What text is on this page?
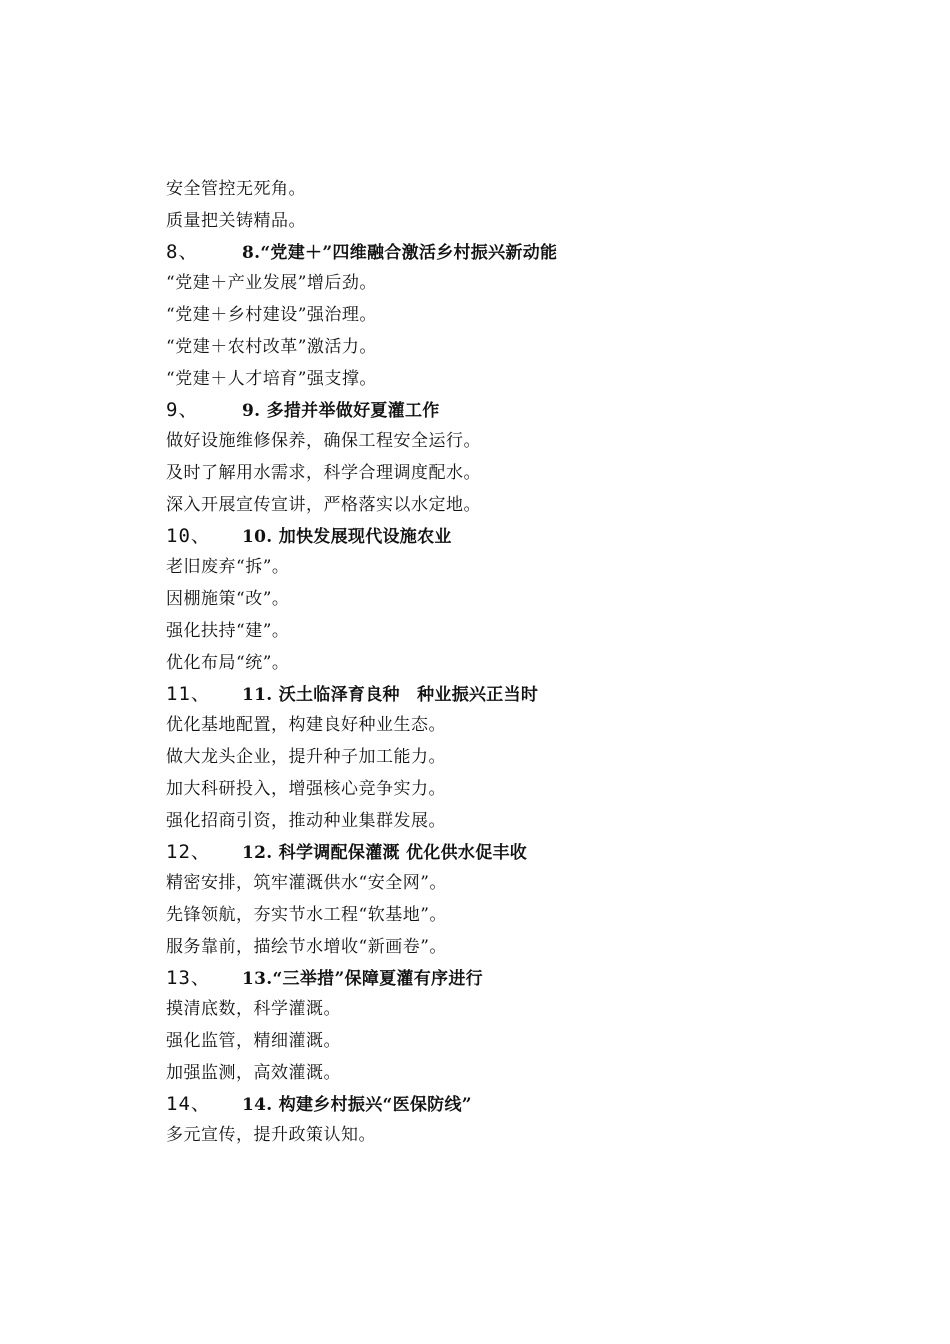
安全管控无死角。
质量把关铸精品。
8、	8.“党建＋”四维融合激活乡村振兴新动能
“党建＋产业发展”增后劲。
“党建＋乡村建设”强治理。
“党建＋农村改革”激活力。
“党建＋人才培育”强支撑。
9、	9. 多措并举做好夏灌工作
做好设施维修保养，确保工程安全运行。
及时了解用水需求，科学合理调度配水。
深入开展宣传宣讲，严格落实以水定地。
10、 10. 加快发展现代设施农业
老旧废弃“拆”。
因棚施策“改”。
强化扶持“建”。
优化布局“统”。
11、 11. 沃土临泽育良种　种业振兴正当时
优化基地配置，构建良好种业生态。
做大龙头企业，提升种子加工能力。
加大科研投入，增强核心竞争实力。
强化招商引资，推动种业集群发展。
12、 12. 科学调配保灌溉 优化供水促丰收
精密安排，筑牢灌溉供水“安全网”。
先锋领航，夯实节水工程“软基地”。
服务靠前，描绘节水增收“新画卷”。
13、 13.“三举措”保障夏灌有序进行
摸清底数，科学灌溉。
强化监管，精细灌溉。
加强监测，高效灌溉。
14、 14. 构建乡村振兴“医保防线”
多元宣传，提升政策认知。
